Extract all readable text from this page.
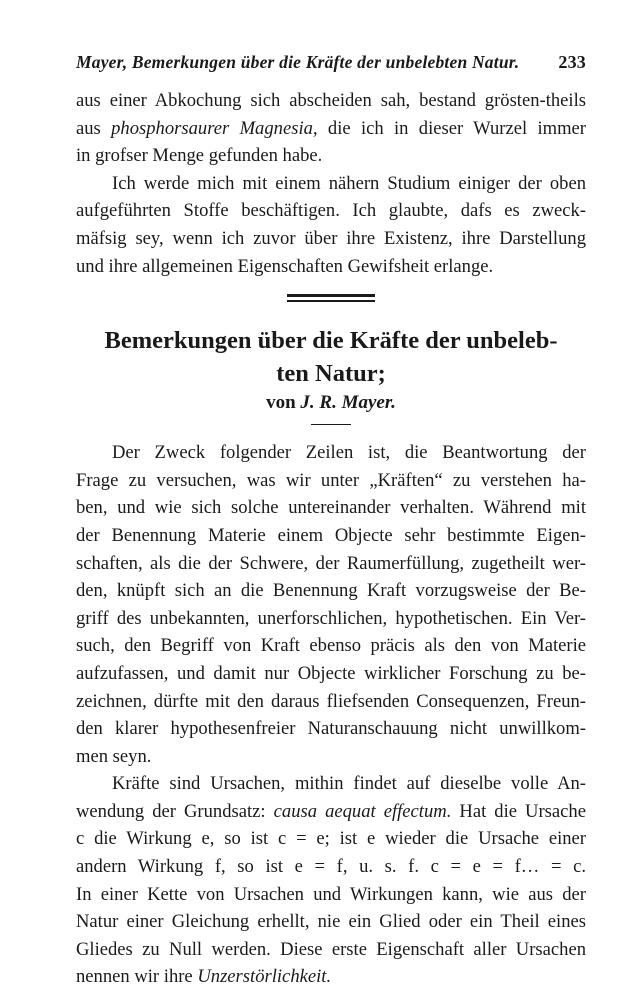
Mayer, Bemerkungen über die Kräfte der unbelebten Natur. 233

aus einer Abkochung sich abscheiden sah, bestand grösten-theils
aus phosphorsaurer Magnesia, die ich in dieser Wurzel immer
in grofser Menge gefunden habe.

Ich werde mich mit einem nähern Studium einiger der oben
aufgeführten Stoffe beschäftigen. Ich glaubte, dafs es zweck-
mäfsig sey, wenn ich zuvor über ihre Existenz, ihre Darstellung
und ihre allgemeinen Eigenschaften Gewifsheit erlange.

Bemerkungen über die Kräfte der unbeleb-
ten Natur;

von J. R. Mayer.

Der Zweck folgender Zeilen ist, die Beantwortung der
Frage zu versuchen, was wir unter „Kräften“ zu verstehen ha-
ben, und wie sich solche untereinander verhalten. Während mit
der Benennung Materie einem Objecte sehr bestimmte Eigen-
schaften, als die der Schwere, der Raumerfüllung, zugetheilt wer-
den, knüpft sich an die Benennung Kraft vorzugsweise der Be-
griff des unbekannten, unerforschlichen, hypothetischen. Ein Ver-
such, den Begriff von Kraft ebenso präcis als den von Materie
aufzufassen, und damit nur Objecte wirklicher Forschung zu be-
zeichnen, dürfte mit den daraus fliefsenden Consequenzen, Freun-
den klarer hypothesenfreier Naturanschauung nicht unwillkom-
men seyn.

Kräfte sind Ursachen, mithin findet auf dieselbe volle An-
wendung der Grundsatz: causa aequat effectum. Hat die Ursache
c die Wirkung e, so ist c = e; ist e wieder die Ursache einer
andern Wirkung f, so ist e = f, u. s. f. c = e = f… = c.
In einer Kette von Ursachen und Wirkungen kann, wie aus der
Natur einer Gleichung erhellt, nie ein Glied oder ein Theil eines
Gliedes zu Null werden. Diese erste Eigenschaft aller Ursachen
nennen wir ihre Unzerstörlichkeit.
